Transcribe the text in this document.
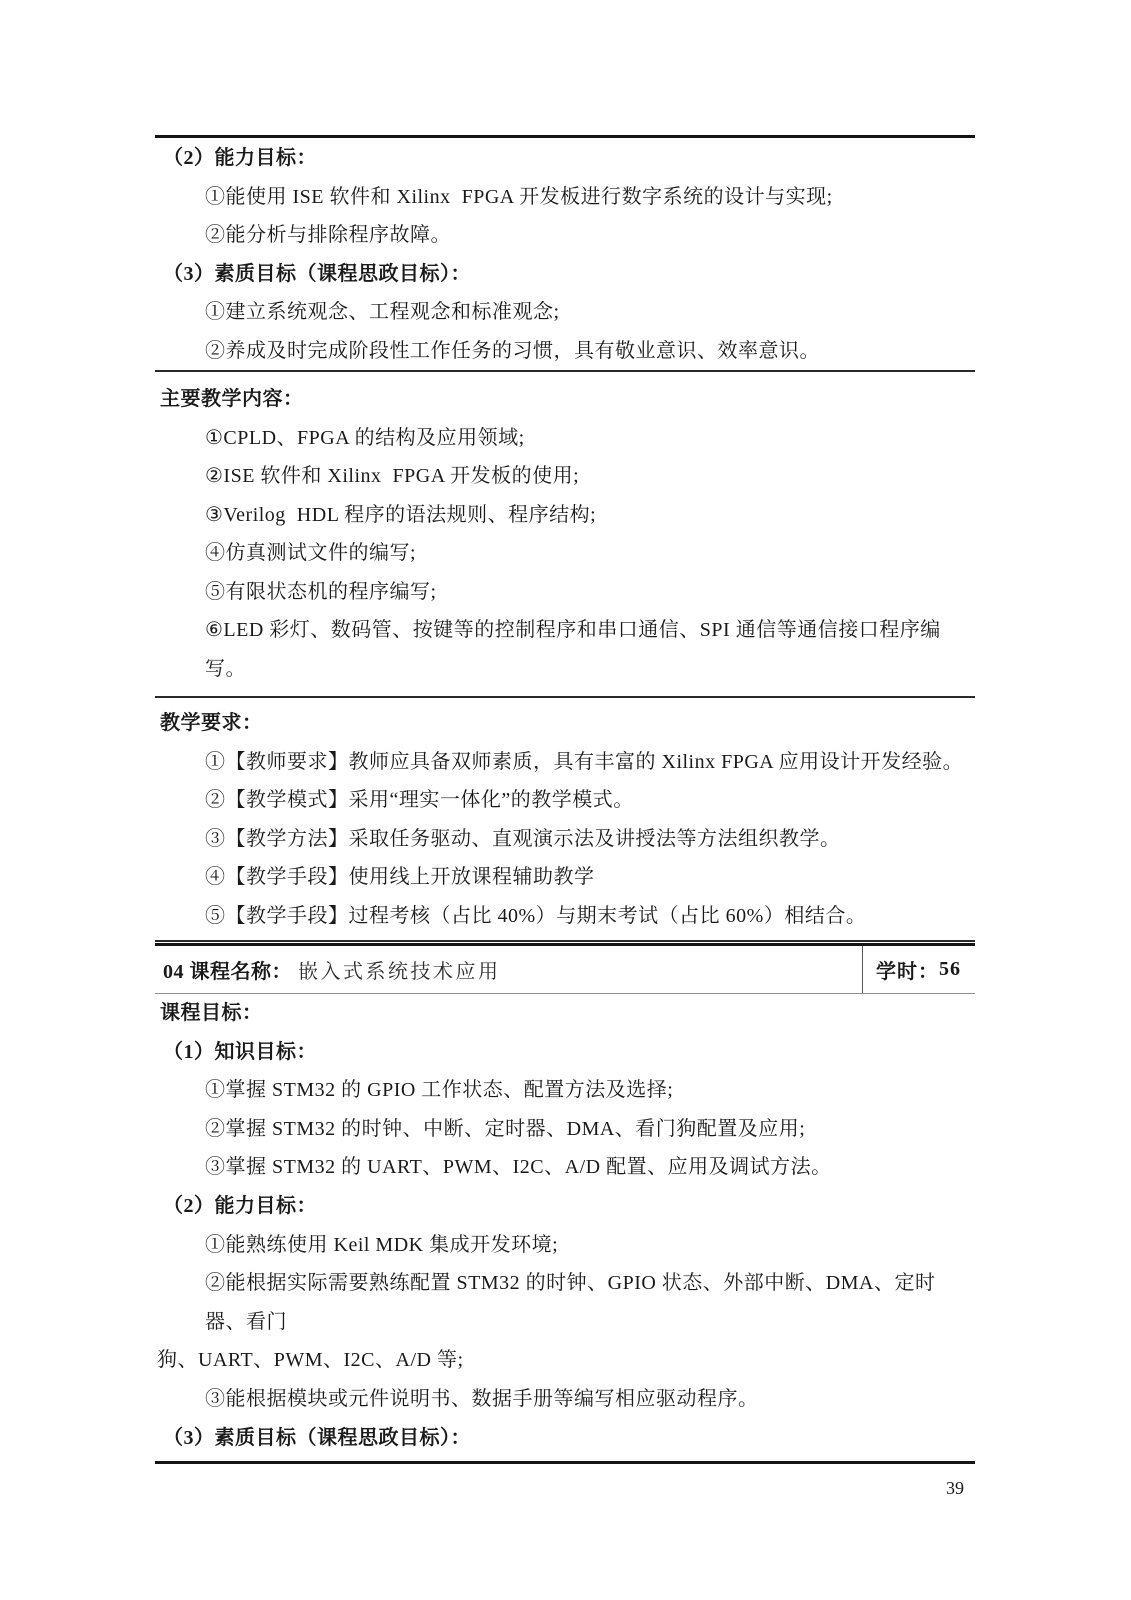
（2）能力目标：
①能使用 ISE 软件和 Xilinx  FPGA 开发板进行数字系统的设计与实现;
②能分析与排除程序故障。
（3）素质目标（课程思政目标）：
①建立系统观念、工程观念和标准观念;
②养成及时完成阶段性工作任务的习惯，具有敬业意识、效率意识。
主要教学内容：
①CPLD、FPGA 的结构及应用领域;
②ISE 软件和 Xilinx  FPGA 开发板的使用;
③Verilog  HDL 程序的语法规则、程序结构;
④仿真测试文件的编写;
⑤有限状态机的程序编写;
⑥LED 彩灯、数码管、按键等的控制程序和串口通信、SPI 通信等通信接口程序编写。
教学要求：
①【教师要求】教师应具备双师素质，具有丰富的 Xilinx FPGA 应用设计开发经验。
②【教学模式】采用“理实一体化”的教学模式。
③【教学方法】采取任务驱动、直观演示法及讲授法等方法组织教学。
④【教学手段】使用线上开放课程辅助教学
⑤【教学手段】过程考核（占比 40%）与期末考试（占比 60%）相结合。
04 课程名称： 嵌入式系统技术应用	学时： 56
课程目标：
（1）知识目标：
①掌握 STM32 的 GPIO 工作状态、配置方法及选择;
②掌握 STM32 的时钟、中断、定时器、DMA、看门狗配置及应用;
③掌握 STM32 的 UART、PWM、I2C、A/D 配置、应用及调试方法。
（2）能力目标：
①能熟练使用 Keil MDK 集成开发环境;
②能根据实际需要熟练配置 STM32 的时钟、GPIO 状态、外部中断、DMA、定时器、看门
狗、UART、PWM、I2C、A/D 等;
③能根据模块或元件说明书、数据手册等编写相应驱动程序。
（3）素质目标（课程思政目标）：
39
